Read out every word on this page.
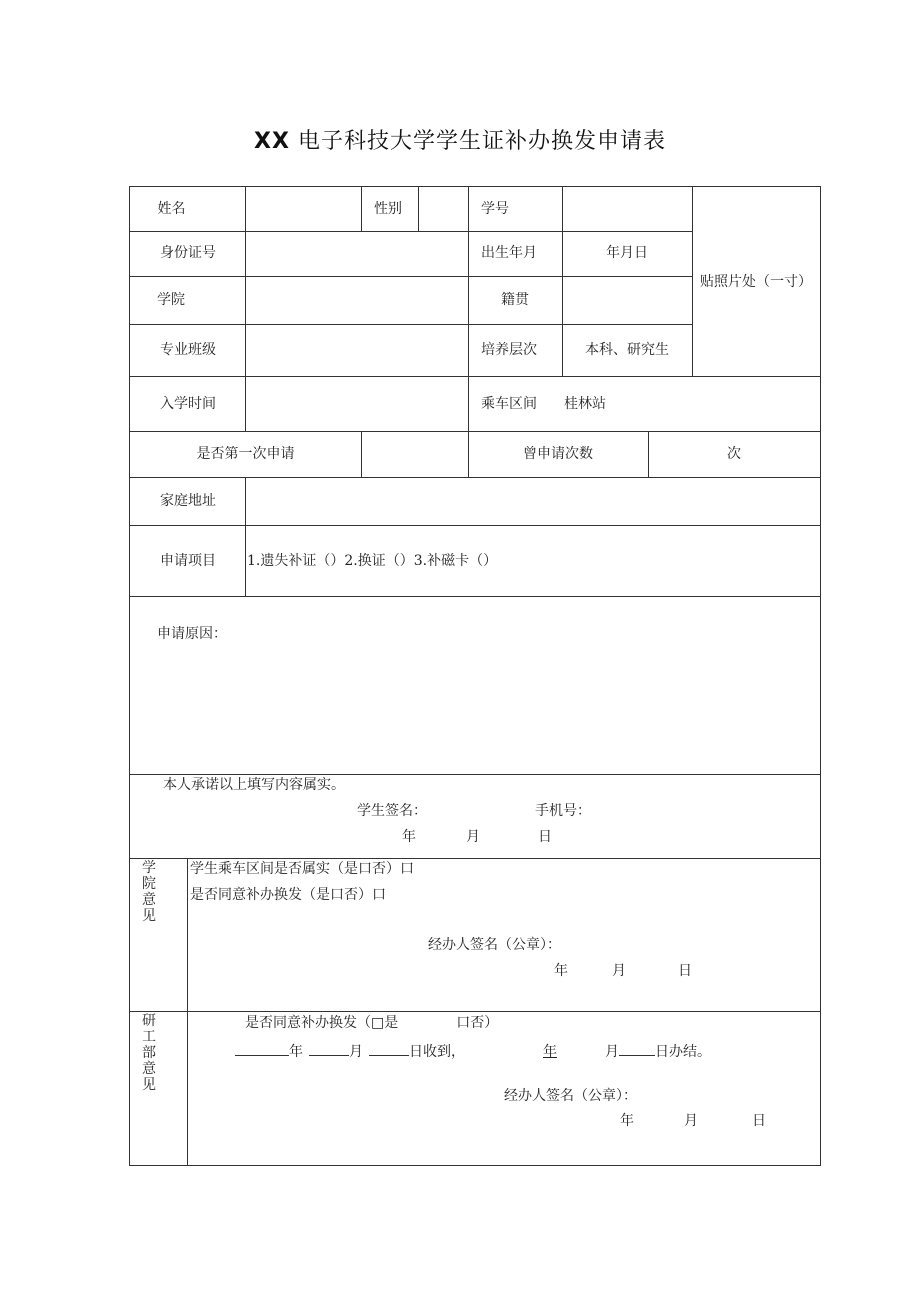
XX 电子科技大学学生证补办换发申请表
姓名	性别	学号
贴照片处（一寸）
身份证号	出生年月	年月日
学院	籍贯
专业班级	培养层次	本科、研究生
入学时间	乘车区间 桂林站
是否第一次申请	曾申请次数	次
家庭地址
申请项目	1.遗失补证（）2.换证（）3.补磁卡（）
申请原因：
本人承诺以上填写内容属实。
学生签名：	手机号：
年	月	日
学
院
意
见
学生乘车区间是否属实（是口否）口
是否同意补办换发（是口否）口
经办人签名（公章）：
年	月	日
研
工
部
意
见
是否同意补办换发（□是	口否）
年	月	日收到，	年	月	日办结。
经办人签名（公章）：
年	月	日
